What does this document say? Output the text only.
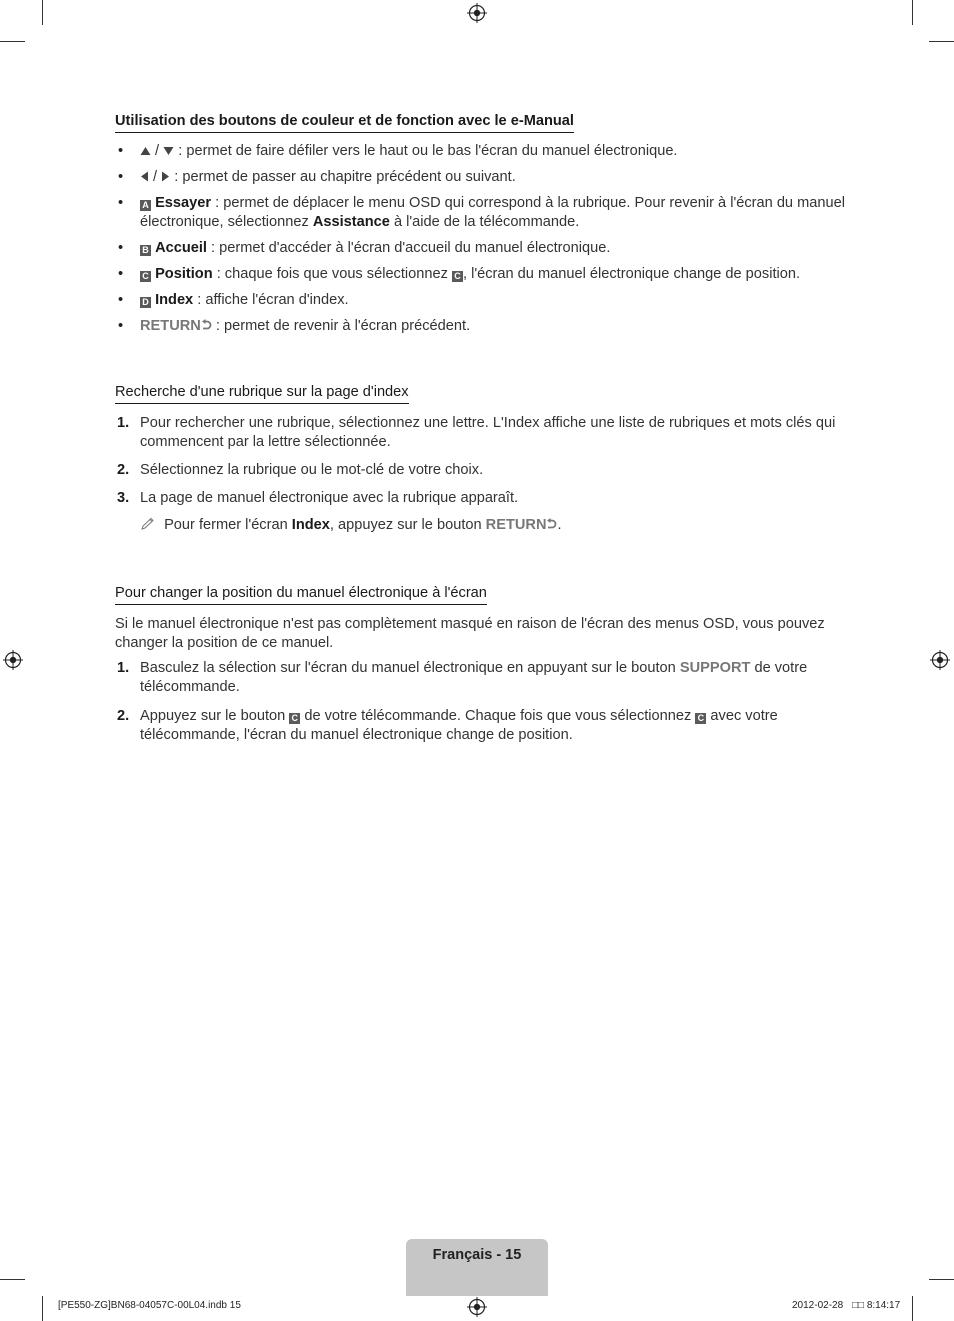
Utilisation des boutons de couleur et de fonction avec le e-Manual
• /  : permet de faire défiler vers le haut ou le bas l'écran du manuel électronique.
• /  : permet de passer au chapitre précédent ou suivant.
• A Essayer : permet de déplacer le menu OSD qui correspond à la rubrique. Pour revenir à l'écran du manuel électronique, sélectionnez Assistance à l'aide de la télécommande.
• B Accueil : permet d'accéder à l'écran d'accueil du manuel électronique.
• C Position : chaque fois que vous sélectionnez C , l'écran du manuel électronique change de position.
• D Index : affiche l'écran d'index.
• RETURN : permet de revenir à l'écran précédent.
Recherche d'une rubrique sur la page d'index
1. Pour rechercher une rubrique, sélectionnez une lettre. L'Index affiche une liste de rubriques et mots clés qui commencent par la lettre sélectionnée.
2. Sélectionnez la rubrique ou le mot-clé de votre choix.
3. La page de manuel électronique avec la rubrique apparaît.
Pour fermer l'écran Index, appuyez sur le bouton RETURN .
Pour changer la position du manuel électronique à l'écran
Si le manuel électronique n'est pas complètement masqué en raison de l'écran des menus OSD, vous pouvez changer la position de ce manuel.
1. Basculez la sélection sur l'écran du manuel électronique en appuyant sur le bouton SUPPORT de votre télécommande.
2. Appuyez sur le bouton C de votre télécommande. Chaque fois que vous sélectionnez C avec votre télécommande, l'écran du manuel électronique change de position.
Français - 15
[PE550-ZG]BN68-04057C-00L04.indb 15	2012-02-28 □□ 8:14:17
